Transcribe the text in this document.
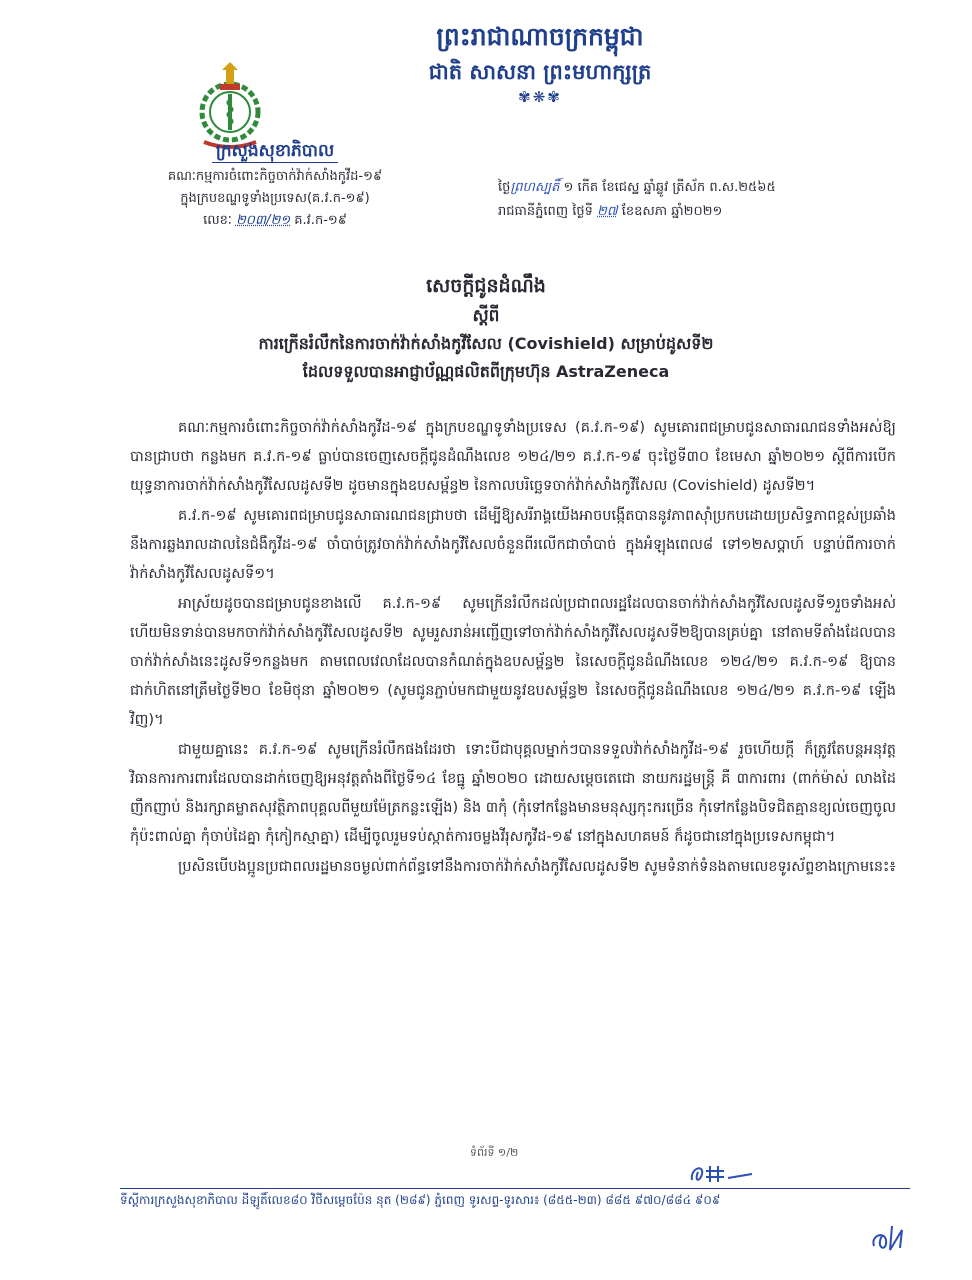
ព្រះរាជាណាចក្រកម្ពុជា
ជាតិ សាសនា ព្រះមហាក្សត្រ
✾❋✾
ក្រសួងសុខាភិបាល
គណៈកម្មការចំពោះកិច្ចចាក់វ៉ាក់សាំងកូវីដ-១៩
ក្នុងក្របខណ្ឌទូទាំងប្រទេស(គ.វ.ក-១៩)
លេខៈ ២០៣/២១ គ.វ.ក-១៩
ថ្ងៃព្រហស្បតិ៍ ១ កើត ខែជេស្ឋ ឆ្នាំឆ្លូវ ត្រីស័ក ព.ស.២៥៦៥
រាជធានីភ្នំពេញ ថ្ងៃទី ២៧ ខែឧសភា ឆ្នាំ២០២១
សេចក្តីជូនដំណឹង
ស្តីពី
ការក្រើនរំលឹកនៃការចាក់វ៉ាក់សាំងកូវីសែល (Covishield) សម្រាប់ដូសទី២
ដែលទទួលបានអាជ្ញាប័ណ្ណផលិតពីក្រុមហ៊ុន AstraZeneca

គណៈកម្មការចំពោះកិច្ចចាក់វ៉ាក់សាំងកូវីដ-១៩ ក្នុងក្របខណ្ឌទូទាំងប្រទេស (គ.វ.ក-១៩) សូមគោរពជម្រាបជូនសាធារណជនទាំងអស់ឱ្យបានជ្រាបថា កន្លងមក គ.វ.ក-១៩ ធ្លាប់បានចេញសេចក្តីជូនដំណឹងលេខ ១២៤/២១ គ.វ.ក-១៩ ចុះថ្ងៃទី៣០ ខែមេសា ឆ្នាំ២០២១ ស្តីពីការបើកយុទ្ធនាការចាក់វ៉ាក់សាំងកូវីសែលដូសទី២ ដូចមានក្នុងឧបសម្ព័ន្ធ២ នៃកាលបរិច្ឆេទចាក់វ៉ាក់សាំងកូវីសែល (Covishield) ដូសទី២។

គ.វ.ក-១៩ សូមគោរពជម្រាបជូនសាធារណជនជ្រាបថា ដើម្បីឱ្យសរីរាង្គយើងអាចបង្កើតបាននូវភាពស៊ាំប្រកបដោយប្រសិទ្ធភាពខ្ពស់ប្រឆាំងនឹងការឆ្លងរាលដាលនៃជំងឺកូវីដ-១៩ ចាំបាច់ត្រូវចាក់វ៉ាក់សាំងកូវីសែលចំនួនពីរលើកជាចាំបាច់ ក្នុងអំឡុងពេល៨ ទៅ១២សប្តាហ៍ បន្ទាប់ពីការចាក់វ៉ាក់សាំងកូវីសែលដូសទី១។

អាស្រ័យដូចបានជម្រាបជូនខាងលើ គ.វ.ក-១៩ សូមក្រើនរំលឹកដល់ប្រជាពលរដ្ឋដែលបានចាក់វ៉ាក់សាំងកូវីសែលដូសទី១រួចទាំងអស់ ហើយមិនទាន់បានមកចាក់វ៉ាក់សាំងកូវីសែលដូសទី២ សូមរួសរាន់អញ្ជើញទៅចាក់វ៉ាក់សាំងកូវីសែលដូសទី២ឱ្យបានគ្រប់គ្នា នៅតាមទីតាំងដែលបានចាក់វ៉ាក់សាំងនេះដូសទី១កន្លងមក តាមពេលវេលាដែលបានកំណត់ក្នុងឧបសម្ព័ន្ធ២ នៃសេចក្តីជូនដំណឹងលេខ ១២៤/២១ គ.វ.ក-១៩ ឱ្យបានជាក់ហិតនៅត្រឹមថ្ងៃទី២០ ខែមិថុនា ឆ្នាំ២០២១ (សូមជូនភ្ជាប់មកជាមួយនូវឧបសម្ព័ន្ធ២ នៃសេចក្តីជូនដំណឹងលេខ ១២៤/២១ គ.វ.ក-១៩ ឡើងវិញ)។

ជាមួយគ្នានេះ គ.វ.ក-១៩ សូមក្រើនរំលឹកផងដែរថា ទោះបីជាបុគ្គលម្នាក់ៗបានទទួលវ៉ាក់សាំងកូវីដ-១៩ រួចហើយក្តី ក៏ត្រូវតែបន្តអនុវត្តវិធានការការពារដែលបានដាក់ចេញឱ្យអនុវត្តតាំងពីថ្ងៃទី១៤ ខែធ្នូ ឆ្នាំ២០២០ ដោយសម្តេចតេជោ នាយករដ្ឋមន្ត្រី គឺ ៣ការពារ (ពាក់ម៉ាស់ លាងដៃញឹកញាប់ និងរក្សាគម្លាតសុវត្ថិភាពបុគ្គលពីមួយម៉ែត្រកន្លះឡើង) និង ៣កុំ (កុំទៅកន្លែងមានមនុស្សកុះករច្រើន កុំទៅកន្លែងបិទជិតគ្មានខ្យល់ចេញចូល កុំប៉ះពាល់គ្នា កុំចាប់ដៃគ្នា កុំកៀកស្មាគ្នា) ដើម្បីចូលរួមទប់ស្កាត់ការចម្លងវីរុសកូវីដ-១៩ នៅក្នុងសហគមន៍ ក៏ដូចជានៅក្នុងប្រទេសកម្ពុជា។

ប្រសិនបើបងប្អូនប្រជាពលរដ្ឋមានចម្ងល់ពាក់ព័ន្ធទៅនឹងការចាក់វ៉ាក់សាំងកូវីសែលដូសទី២ សូមទំនាក់ទំនងតាមលេខទូរស័ព្ទខាងក្រោមនេះ៖

ទំព័រទី ១/២
ទីស្តីការក្រសួងសុខាភិបាល ដីឡូតិ៍លេខ៨០ វិថីសម្តេចប៉ែន នុត (២៨៩) ភ្នំពេញ ទូរសព្ទ-ទូរសារ៖ (៨៥៥-២៣) ៨៨៥ ៩៧០/៨៨៤ ៩០៩
